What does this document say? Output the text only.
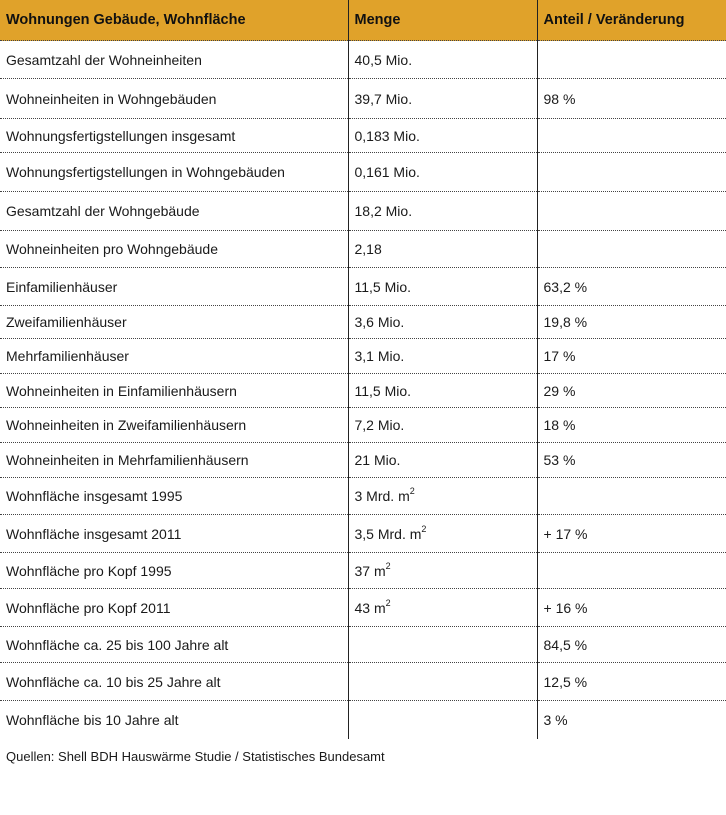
Wohnungen Gebäude, Wohnfläche	Menge	Anteil / Veränderung
Gesamtzahl der Wohneinheiten	40,5 Mio.	
Wohneinheiten in Wohngebäuden	39,7 Mio.	98 %
Wohnungsfertigstellungen insgesamt	0,183 Mio.	
Wohnungsfertigstellungen in Wohngebäuden	0,161 Mio.	
Gesamtzahl der Wohngebäude	18,2 Mio.	
Wohneinheiten pro Wohngebäude	2,18	
Einfamilienhäuser	11,5 Mio.	63,2 %
Zweifamilienhäuser	3,6 Mio.	19,8 %
Mehrfamilienhäuser	3,1 Mio.	17 %
Wohneinheiten in Einfamilienhäusern	11,5 Mio.	29 %
Wohneinheiten in Zweifamilienhäusern	7,2 Mio.	18 %
Wohneinheiten in Mehrfamilienhäusern	21 Mio.	53 %
Wohnfläche insgesamt 1995	3 Mrd. $m^2$	
Wohnfläche insgesamt 2011	3,5 Mrd. $m^2$	+ 17 %
Wohnfläche pro Kopf 1995	37 $m^2$	
Wohnfläche pro Kopf 2011	43 $m^2$	+ 16 %
Wohnfläche ca. 25 bis 100 Jahre alt		84,5 %
Wohnfläche ca. 10 bis 25 Jahre alt		12,5 %
Wohnfläche bis 10 Jahre alt		3 %
Quellen: Shell BDH Hauswärme Studie / Statistisches Bundesamt
